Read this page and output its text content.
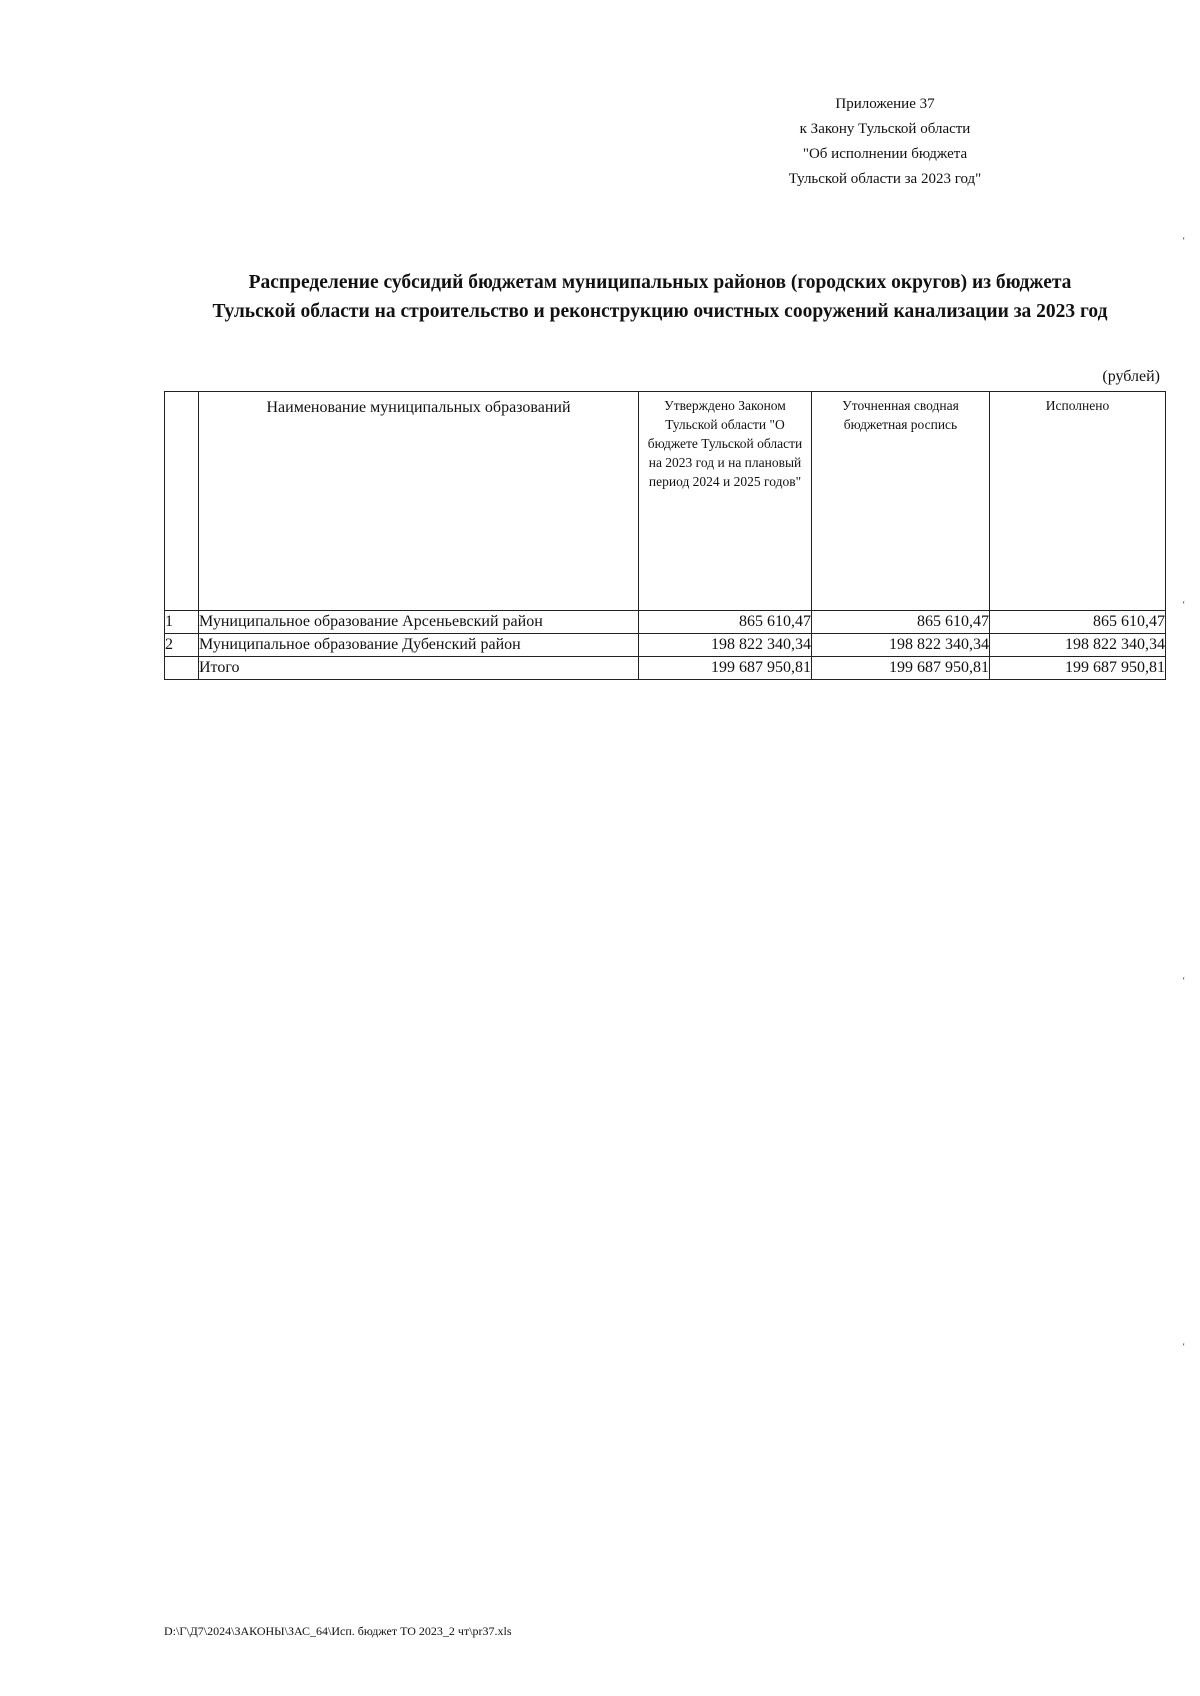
Приложение 37
к Закону Тульской области
"Об исполнении бюджета
Тульской области за 2023 год"
Распределение субсидий бюджетам муниципальных районов (городских округов) из бюджета
Тульской области на строительство и реконструкцию очистных сооружений канализации за 2023 год
(рублей)
	Наименование муниципальных образований	Утверждено Законом Тульской области "О бюджете Тульской области на 2023 год и на плановый период 2024 и 2025 годов"	Уточненная сводная бюджетная роспись	Исполнено
1	Муниципальное образование Арсеньевский район	865 610,47	865 610,47	865 610,47
2	Муниципальное образование Дубенский район	198 822 340,34	198 822 340,34	198 822 340,34
	Итого	199 687 950,81	199 687 950,81	199 687 950,81
D:\Г\Д7\2024\ЗАКОНЫ\ЗАС_64\Исп. бюджет ТО 2023_2 чт\pr37.xls
‘
‘
‘
‘
